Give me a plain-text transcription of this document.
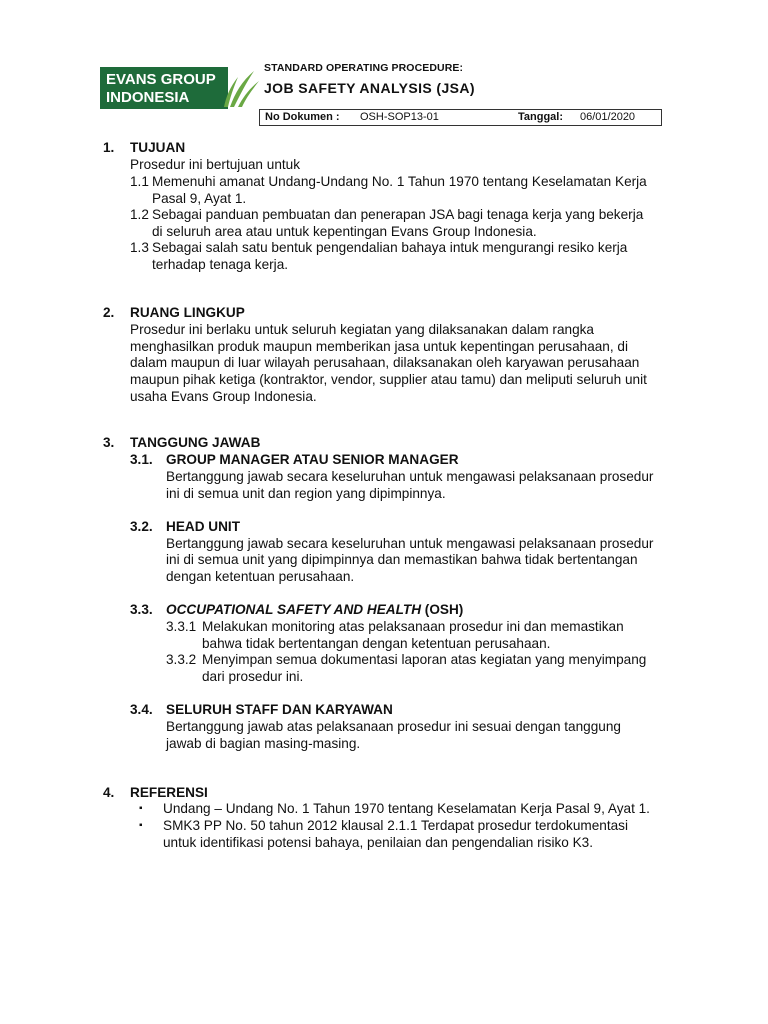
EVANS GROUP
INDONESIA
STANDARD OPERATING PROCEDURE:
JOB SAFETY ANALYSIS (JSA)
No Dokumen : OSH-SOP13-01	Tanggal: 06/01/2020
1. TUJUAN
Prosedur ini bertujuan untuk
1.1 Memenuhi amanat Undang-Undang No. 1 Tahun 1970 tentang Keselamatan Kerja
Pasal 9, Ayat 1.
1.2 Sebagai panduan pembuatan dan penerapan JSA bagi tenaga kerja yang bekerja
di seluruh area atau untuk kepentingan Evans Group Indonesia.
1.3 Sebagai salah satu bentuk pengendalian bahaya intuk mengurangi resiko kerja
terhadap tenaga kerja.
2. RUANG LINGKUP
Prosedur ini berlaku untuk seluruh kegiatan yang dilaksanakan dalam rangka
menghasilkan produk maupun memberikan jasa untuk kepentingan perusahaan, di
dalam maupun di luar wilayah perusahaan, dilaksanakan oleh karyawan perusahaan
maupun pihak ketiga (kontraktor, vendor, supplier atau tamu) dan meliputi seluruh unit
usaha Evans Group Indonesia.
3. TANGGUNG JAWAB
3.1. GROUP MANAGER ATAU SENIOR MANAGER
Bertanggung jawab secara keseluruhan untuk mengawasi pelaksanaan prosedur
ini di semua unit dan region yang dipimpinnya.
3.2. HEAD UNIT
Bertanggung jawab secara keseluruhan untuk mengawasi pelaksanaan prosedur
ini di semua unit yang dipimpinnya dan memastikan bahwa tidak bertentangan
dengan ketentuan perusahaan.
3.3. OCCUPATIONAL SAFETY AND HEALTH (OSH)
3.3.1 Melakukan monitoring atas pelaksanaan prosedur ini dan memastikan
bahwa tidak bertentangan dengan ketentuan perusahaan.
3.3.2 Menyimpan semua dokumentasi laporan atas kegiatan yang menyimpang
dari prosedur ini.
3.4. SELURUH STAFF DAN KARYAWAN
Bertanggung jawab atas pelaksanaan prosedur ini sesuai dengan tanggung
jawab di bagian masing-masing.
4. REFERENSI
▪ Undang – Undang No. 1 Tahun 1970 tentang Keselamatan Kerja Pasal 9, Ayat 1.
▪ SMK3 PP No. 50 tahun 2012 klausal 2.1.1 Terdapat prosedur terdokumentasi
untuk identifikasi potensi bahaya, penilaian dan pengendalian risiko K3.
